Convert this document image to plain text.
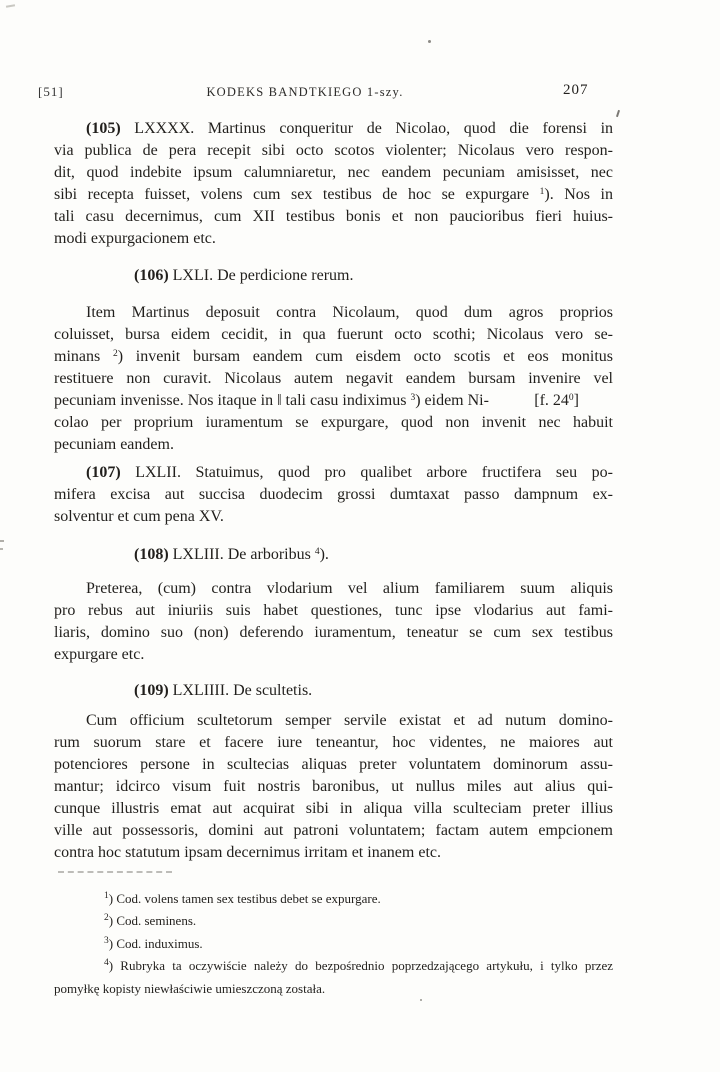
[51]	KODEKS BANDTKIEGO 1-szy.	207
(105) LXXXX. Martinus conqueritur de Nicolao, quod die forensi in
via publica de pera recepit sibi octo scotos violenter; Nicolaus vero respon-
dit, quod indebite ipsum calumniaretur, nec eandem pecuniam amisisset, nec
sibi recepta fuisset, volens cum sex testibus de hoc se expurgare $^1$). Nos in
tali casu decernimus, cum XII testibus bonis et non paucioribus fieri huius-
modi expurgacionem etc.
(106) LXLI. De perdicione rerum.
Item Martinus deposuit contra Nicolaum, quod dum agros proprios
coluisset, bursa eidem cecidit, in qua fuerunt octo scothi; Nicolaus vero se-
minans $^2$) invenit bursam eandem cum eisdem octo scotis et eos monitus
restituere non curavit. Nicolaus autem negavit eandem bursam invenire vel
pecuniam invenisse. Nos itaque in ‖ tali casu indiximus $^3$) eidem Ni-	[f. 24$^0$]
colao per proprium iuramentum se expurgare, quod non invenit nec habuit
pecuniam eandem.
(107) LXLII. Statuimus, quod pro qualibet arbore fructifera seu po-
mifera excisa aut succisa duodecim grossi dumtaxat passo dampnum ex-
solventur et cum pena XV.
(108) LXLIII. De arboribus $^4$).
Preterea, (cum) contra vlodarium vel alium familiarem suum aliquis
pro rebus aut iniuriis suis habet questiones, tunc ipse vlodarius aut fami-
liaris, domino suo (non) deferendo iuramentum, teneatur se cum sex testibus
expurgare etc.
(109) LXLIIII. De scultetis.
Cum officium scultetorum semper servile existat et ad nutum domino-
rum suorum stare et facere iure teneantur, hoc videntes, ne maiores aut
potenciores persone in scultecias aliquas preter voluntatem dominorum assu-
mantur; idcirco visum fuit nostris baronibus, ut nullus miles aut alius qui-
cunque illustris emat aut acquirat sibi in aliqua villa sculteciam preter illius
ville aut possessoris, domini aut patroni voluntatem; factam autem empcionem
contra hoc statutum ipsam decernimus irritam et inanem etc.
$^1$) Cod. volens tamen sex testibus debet se expurgare.
$^2$) Cod. seminens.
$^3$) Cod. induximus.
$^4$) Rubryka ta oczywiście należy do bezpośrednio poprzedzającego artykułu, i tylko przez
pomyłkę kopisty niewłaściwie umieszczoną została.
